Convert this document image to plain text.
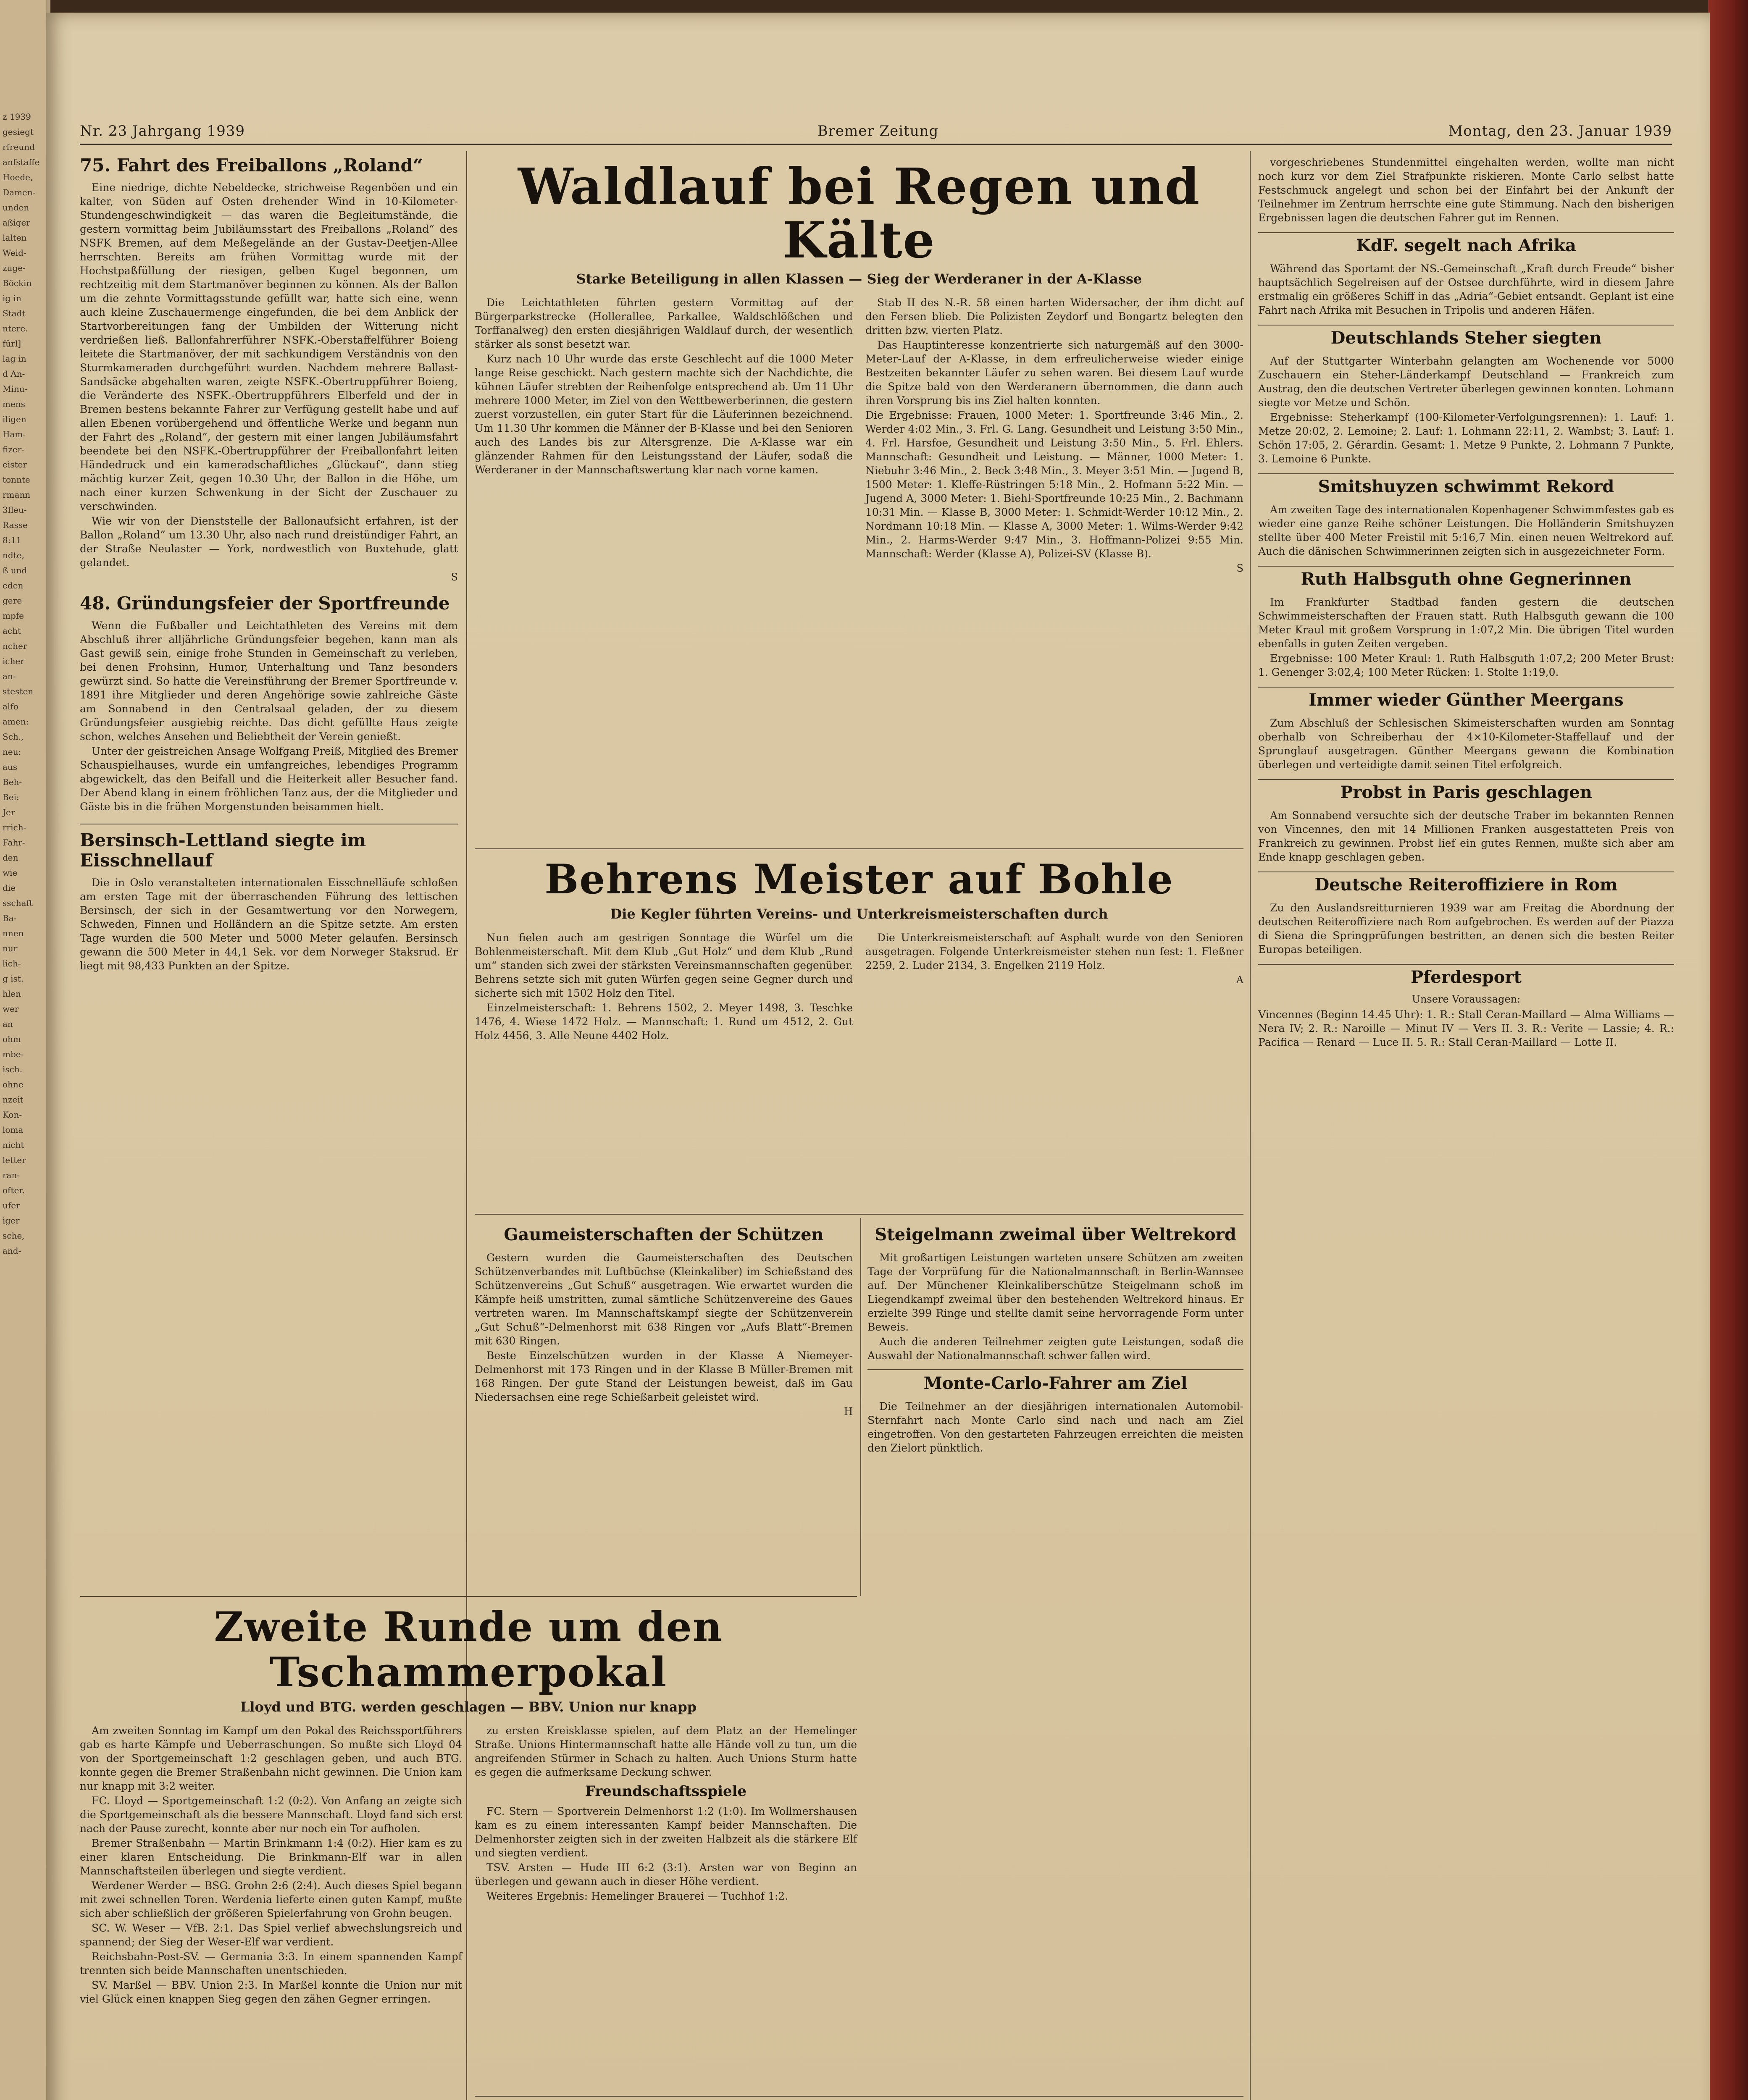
z 1939
gesiegt
rfreund
anfstaffe
Hoede,
Damen-
unden
aßiger
lalten
Weid-
zuge-
Böckin
ig in
Stadt
ntere.
fürl]
lag in
d An-
Minu-
mens
iligen
Ham-
fizer-
eister
tonnte
rmann
3fleu-
Rasse
8:11
ndte,
ß und
eden
gere
mpfe
acht
ncher
icher
an-
stesten
alfo
amen:
Sch.,
neu:
aus
Beh-
Bei:
Jer
rrich-
Fahr-
den
wie
die
sschaft
Ba-
nnen
nur
lich-
g ist.
hlen
wer
an
ohm
mbe-
isch.
ohne
nzeit
Kon-
loma
nicht
letter
ran-
ofter.
ufer
iger
sche,
and-
Nr. 23 Jahrgang 1939	Bremer Zeitung	Montag, den 23. Januar 1939
75. Fahrt des Freiballons „Roland“

Eine niedrige, dichte Nebeldecke, strichweise Regenböen und ein kalter, von Süden auf Osten drehender Wind in 10-Kilometer-Stundengeschwindigkeit — das waren die Begleitumstände, die gestern vormittag beim Jubiläumsstart des Freiballons „Roland“ des NSFK Bremen, auf dem Meßegelände an der Gustav-Deetjen-Allee herrschten. Bereits am frühen Vormittag wurde mit der Hochstpaßfüllung der riesigen, gelben Kugel begonnen, um rechtzeitig mit dem Startmanöver beginnen zu können. Als der Ballon um die zehnte Vormittagsstunde gefüllt war, hatte sich eine, wenn auch kleine Zuschauermenge eingefunden, die bei dem Anblick der Startvorbereitungen fang der Umbilden der Witterung nicht verdrießen ließ. Ballonfahrerführer NSFK.-Oberstaffelführer Boieng leitete die Startmanöver, der mit sachkundigem Verständnis von den Sturmkameraden durchgeführt wurden. Nachdem mehrere Ballast-Sandsäcke abgehalten waren, zeigte NSFK.-Obertruppführer Boieng, die Veränderte des NSFK.-Obertruppführers Elberfeld und der in Bremen bestens bekannte Fahrer zur Verfügung gestellt habe und auf allen Ebenen vorübergehend und öffentliche Werke und begann nun der Fahrt des „Roland“, der gestern mit einer langen Jubiläumsfahrt beendete bei den NSFK.-Obertruppführer der Freiballonfahrt leiten Händedruck und ein kameradschaftliches „Glückauf“, dann stieg mächtig kurzer Zeit, gegen 10.30 Uhr, der Ballon in die Höhe, um nach einer kurzen Schwenkung in der Sicht der Zuschauer zu verschwinden.

Wie wir von der Dienststelle der Ballonaufsicht erfahren, ist der Ballon „Roland“ um 13.30 Uhr, also nach rund dreistündiger Fahrt, an der Straße Neulaster — York, nordwestlich von Buxtehude, glatt gelandet.

S
48. Gründungsfeier der Sportfreunde

Wenn die Fußballer und Leichtathleten des Vereins mit dem Abschluß ihrer alljährliche Gründungsfeier begehen, kann man als Gast gewiß sein, einige frohe Stunden in Gemeinschaft zu verleben, bei denen Frohsinn, Humor, Unterhaltung und Tanz besonders gewürzt sind. So hatte die Vereinsführung der Bremer Sportfreunde v. 1891 ihre Mitglieder und deren Angehörige sowie zahlreiche Gäste am Sonnabend in den Centralsaal geladen, der zu diesem Gründungsfeier ausgiebig reichte. Das dicht gefüllte Haus zeigte schon, welches Ansehen und Beliebtheit der Verein genießt.

Unter der geistreichen Ansage Wolfgang Preiß, Mitglied des Bremer Schauspielhauses, wurde ein umfangreiches, lebendiges Programm abgewickelt, das den Beifall und die Heiterkeit aller Besucher fand. Der Abend klang in einem fröhlichen Tanz aus, der die Mitglieder und Gäste bis in die frühen Morgenstunden beisammen hielt.

Bersinsch-Lettland siegte im Eisschnellauf

Die in Oslo veranstalteten internationalen Eisschnelläufe schloßen am ersten Tage mit der überraschenden Führung des lettischen Bersinsch, der sich in der Gesamtwertung vor den Norwegern, Schweden, Finnen und Holländern an die Spitze setzte. Am ersten Tage wurden die 500 Meter und 5000 Meter gelaufen. Bersinsch gewann die 500 Meter in 44,1 Sek. vor dem Norweger Staksrud. Er liegt mit 98,433 Punkten an der Spitze.

Waldlauf bei Regen und Kälte
Starke Beteiligung in allen Klassen — Sieg der Werderaner in der A-Klasse

Die Leichtathleten führten gestern Vormittag auf der Bürgerparkstrecke (Hollerallee, Parkallee, Waldschlößchen und Torffanalweg) den ersten diesjährigen Waldlauf durch, der wesentlich stärker als sonst besetzt war.

Kurz nach 10 Uhr wurde das erste Geschlecht auf die 1000 Meter lange Reise geschickt. Nach gestern machte sich der Nachdichte, die kühnen Läufer strebten der Reihenfolge entsprechend ab. Um 11 Uhr mehrere 1000 Meter, im Ziel von den Wettbewerberinnen, die gestern zuerst vorzustellen, ein guter Start für die Läuferinnen bezeichnend. Um 11.30 Uhr kommen die Männer der B-Klasse und bei den Senioren auch des Landes bis zur Altersgrenze. Die A-Klasse war ein glänzender Rahmen für den Leistungsstand der Läufer, sodaß die Werderaner in der Mannschaftswertung klar nach vorne kamen.

Stab II des N.-R. 58 einen harten Widersacher, der ihm dicht auf den Fersen blieb. Die Polizisten Zeydorf und Bongartz belegten den dritten bzw. vierten Platz.

Das Hauptinteresse konzentrierte sich naturgemäß auf den 3000-Meter-Lauf der A-Klasse, in dem erfreulicherweise wieder einige Bestzeiten bekannter Läufer zu sehen waren. Bei diesem Lauf wurde die Spitze bald von den Werderanern übernommen, die dann auch ihren Vorsprung bis ins Ziel halten konnten.

Die Ergebnisse: Frauen, 1000 Meter: 1. Sportfreunde 3:46 Min., 2. Werder 4:02 Min., 3. Frl. G. Lang. Gesundheit und Leistung 3:50 Min., 4. Frl. Harsfoe, Gesundheit und Leistung 3:50 Min., 5. Frl. Ehlers. Mannschaft: Gesundheit und Leistung. — Männer, 1000 Meter: 1. Niebuhr 3:46 Min., 2. Beck 3:48 Min., 3. Meyer 3:51 Min. — Jugend B, 1500 Meter: 1. Kleffe-Rüstringen 5:18 Min., 2. Hofmann 5:22 Min. — Jugend A, 3000 Meter: 1. Biehl-Sportfreunde 10:25 Min., 2. Bachmann 10:31 Min. — Klasse B, 3000 Meter: 1. Schmidt-Werder 10:12 Min., 2. Nordmann 10:18 Min. — Klasse A, 3000 Meter: 1. Wilms-Werder 9:42 Min., 2. Harms-Werder 9:47 Min., 3. Hoffmann-Polizei 9:55 Min. Mannschaft: Werder (Klasse A), Polizei-SV (Klasse B).

S
Behrens Meister auf Bohle
Die Kegler führten Vereins- und Unterkreismeisterschaften durch

Nun fielen auch am gestrigen Sonntage die Würfel um die Bohlenmeisterschaft. Mit dem Klub „Gut Holz“ und dem Klub „Rund um“ standen sich zwei der stärksten Vereinsmannschaften gegenüber. Behrens setzte sich mit guten Würfen gegen seine Gegner durch und sicherte sich mit 1502 Holz den Titel.

Einzelmeisterschaft: 1. Behrens 1502, 2. Meyer 1498, 3. Teschke 1476, 4. Wiese 1472 Holz. — Mannschaft: 1. Rund um 4512, 2. Gut Holz 4456, 3. Alle Neune 4402 Holz.

Die Unterkreismeisterschaft auf Asphalt wurde von den Senioren ausgetragen. Folgende Unterkreismeister stehen nun fest: 1. Fleßner 2259, 2. Luder 2134, 3. Engelken 2119 Holz.

A
Gaumeisterschaften der Schützen

Gestern wurden die Gaumeisterschaften des Deutschen Schützenverbandes mit Luftbüchse (Kleinkaliber) im Schießstand des Schützenvereins „Gut Schuß“ ausgetragen. Wie erwartet wurden die Kämpfe heiß umstritten, zumal sämtliche Schützenvereine des Gaues vertreten waren. Im Mannschaftskampf siegte der Schützenverein „Gut Schuß“-Delmenhorst mit 638 Ringen vor „Aufs Blatt“-Bremen mit 630 Ringen.

Beste Einzelschützen wurden in der Klasse A Niemeyer-Delmenhorst mit 173 Ringen und in der Klasse B Müller-Bremen mit 168 Ringen. Der gute Stand der Leistungen beweist, daß im Gau Niedersachsen eine rege Schießarbeit geleistet wird.

H
Steigelmann zweimal über Weltrekord

Mit großartigen Leistungen warteten unsere Schützen am zweiten Tage der Vorprüfung für die Nationalmannschaft in Berlin-Wannsee auf. Der Münchener Kleinkaliberschütze Steigelmann schoß im Liegendkampf zweimal über den bestehenden Weltrekord hinaus. Er erzielte 399 Ringe und stellte damit seine hervorragende Form unter Beweis.

Auch die anderen Teilnehmer zeigten gute Leistungen, sodaß die Auswahl der Nationalmannschaft schwer fallen wird.

Monte-Carlo-Fahrer am Ziel

Die Teilnehmer an der diesjährigen internationalen Automobil-Sternfahrt nach Monte Carlo sind nach und nach am Ziel eingetroffen. Von den gestarteten Fahrzeugen erreichten die meisten den Zielort pünktlich.

Zweite Runde um den Tschammerpokal
Lloyd und BTG. werden geschlagen — BBV. Union nur knapp

Am zweiten Sonntag im Kampf um den Pokal des Reichssportführers gab es harte Kämpfe und Ueberraschungen. So mußte sich Lloyd 04 von der Sportgemeinschaft 1:2 geschlagen geben, und auch BTG. konnte gegen die Bremer Straßenbahn nicht gewinnen. Die Union kam nur knapp mit 3:2 weiter.

FC. Lloyd — Sportgemeinschaft 1:2 (0:2). Von Anfang an zeigte sich die Sportgemeinschaft als die bessere Mannschaft. Lloyd fand sich erst nach der Pause zurecht, konnte aber nur noch ein Tor aufholen.

Bremer Straßenbahn — Martin Brinkmann 1:4 (0:2). Hier kam es zu einer klaren Entscheidung. Die Brinkmann-Elf war in allen Mannschaftsteilen überlegen und siegte verdient.

Werdener Werder — BSG. Grohn 2:6 (2:4). Auch dieses Spiel begann mit zwei schnellen Toren. Werdenia lieferte einen guten Kampf, mußte sich aber schließlich der größeren Spielerfahrung von Grohn beugen.

SC. W. Weser — VfB. 2:1. Das Spiel verlief abwechslungsreich und spannend; der Sieg der Weser-Elf war verdient.

Reichsbahn-Post-SV. — Germania 3:3. In einem spannenden Kampf trennten sich beide Mannschaften unentschieden.

SV. Marßel — BBV. Union 2:3. In Marßel konnte die Union nur mit viel Glück einen knappen Sieg gegen den zähen Gegner erringen.

zu ersten Kreisklasse spielen, auf dem Platz an der Hemelinger Straße. Unions Hintermannschaft hatte alle Hände voll zu tun, um die angreifenden Stürmer in Schach zu halten. Auch Unions Sturm hatte es gegen die aufmerksame Deckung schwer.

Freundschaftsspiele

FC. Stern — Sportverein Delmenhorst 1:2 (1:0). Im Wollmershausen kam es zu einem interessanten Kampf beider Mannschaften. Die Delmenhorster zeigten sich in der zweiten Halbzeit als die stärkere Elf und siegten verdient.

TSV. Arsten — Hude III 6:2 (3:1). Arsten war von Beginn an überlegen und gewann auch in dieser Höhe verdient.

Weiteres Ergebnis: Hemelinger Brauerei — Tuchhof 1:2.

vorgeschriebenes Stundenmittel eingehalten werden, wollte man nicht noch kurz vor dem Ziel Strafpunkte riskieren. Monte Carlo selbst hatte Festschmuck angelegt und schon bei der Einfahrt bei der Ankunft der Teilnehmer im Zentrum herrschte eine gute Stimmung. Nach den bisherigen Ergebnissen lagen die deutschen Fahrer gut im Rennen.

KdF. segelt nach Afrika

Während das Sportamt der NS.-Gemeinschaft „Kraft durch Freude“ bisher hauptsächlich Segelreisen auf der Ostsee durchführte, wird in diesem Jahre erstmalig ein größeres Schiff in das „Adria“-Gebiet entsandt. Geplant ist eine Fahrt nach Afrika mit Besuchen in Tripolis und anderen Häfen.

Deutschlands Steher siegten

Auf der Stuttgarter Winterbahn gelangten am Wochenende vor 5000 Zuschauern ein Steher-Länderkampf Deutschland — Frankreich zum Austrag, den die deutschen Vertreter überlegen gewinnen konnten. Lohmann siegte vor Metze und Schön.

Ergebnisse: Steherkampf (100-Kilometer-Verfolgungsrennen): 1. Lauf: 1. Metze 20:02, 2. Lemoine; 2. Lauf: 1. Lohmann 22:11, 2. Wambst; 3. Lauf: 1. Schön 17:05, 2. Gérardin. Gesamt: 1. Metze 9 Punkte, 2. Lohmann 7 Punkte, 3. Lemoine 6 Punkte.

Smitshuyzen schwimmt Rekord

Am zweiten Tage des internationalen Kopenhagener Schwimmfestes gab es wieder eine ganze Reihe schöner Leistungen. Die Holländerin Smitshuyzen stellte über 400 Meter Freistil mit 5:16,7 Min. einen neuen Weltrekord auf. Auch die dänischen Schwimmerinnen zeigten sich in ausgezeichneter Form.

Ruth Halbsguth ohne Gegnerinnen

Im Frankfurter Stadtbad fanden gestern die deutschen Schwimmeisterschaften der Frauen statt. Ruth Halbsguth gewann die 100 Meter Kraul mit großem Vorsprung in 1:07,2 Min. Die übrigen Titel wurden ebenfalls in guten Zeiten vergeben.

Ergebnisse: 100 Meter Kraul: 1. Ruth Halbsguth 1:07,2; 200 Meter Brust: 1. Genenger 3:02,4; 100 Meter Rücken: 1. Stolte 1:19,0.

Immer wieder Günther Meergans

Zum Abschluß der Schlesischen Skimeisterschaften wurden am Sonntag oberhalb von Schreiberhau der 4×10-Kilometer-Staffellauf und der Sprunglauf ausgetragen. Günther Meergans gewann die Kombination überlegen und verteidigte damit seinen Titel erfolgreich.

Probst in Paris geschlagen

Am Sonnabend versuchte sich der deutsche Traber im bekannten Rennen von Vincennes, den mit 14 Millionen Franken ausgestatteten Preis von Frankreich zu gewinnen. Probst lief ein gutes Rennen, mußte sich aber am Ende knapp geschlagen geben.

Deutsche Reiteroffiziere in Rom

Zu den Auslandsreitturnieren 1939 war am Freitag die Abordnung der deutschen Reiteroffiziere nach Rom aufgebrochen. Es werden auf der Piazza di Siena die Springprüfungen bestritten, an denen sich die besten Reiter Europas beteiligen.

Pferdesport
Unsere Voraussagen:

Vincennes (Beginn 14.45 Uhr): 1. R.: Stall Ceran-Maillard — Alma Williams — Nera IV; 2. R.: Naroille — Minut IV — Vers II. 3. R.: Verite — Lassie; 4. R.: Pacifica — Renard — Luce II. 5. R.: Stall Ceran-Maillard — Lotte II.
